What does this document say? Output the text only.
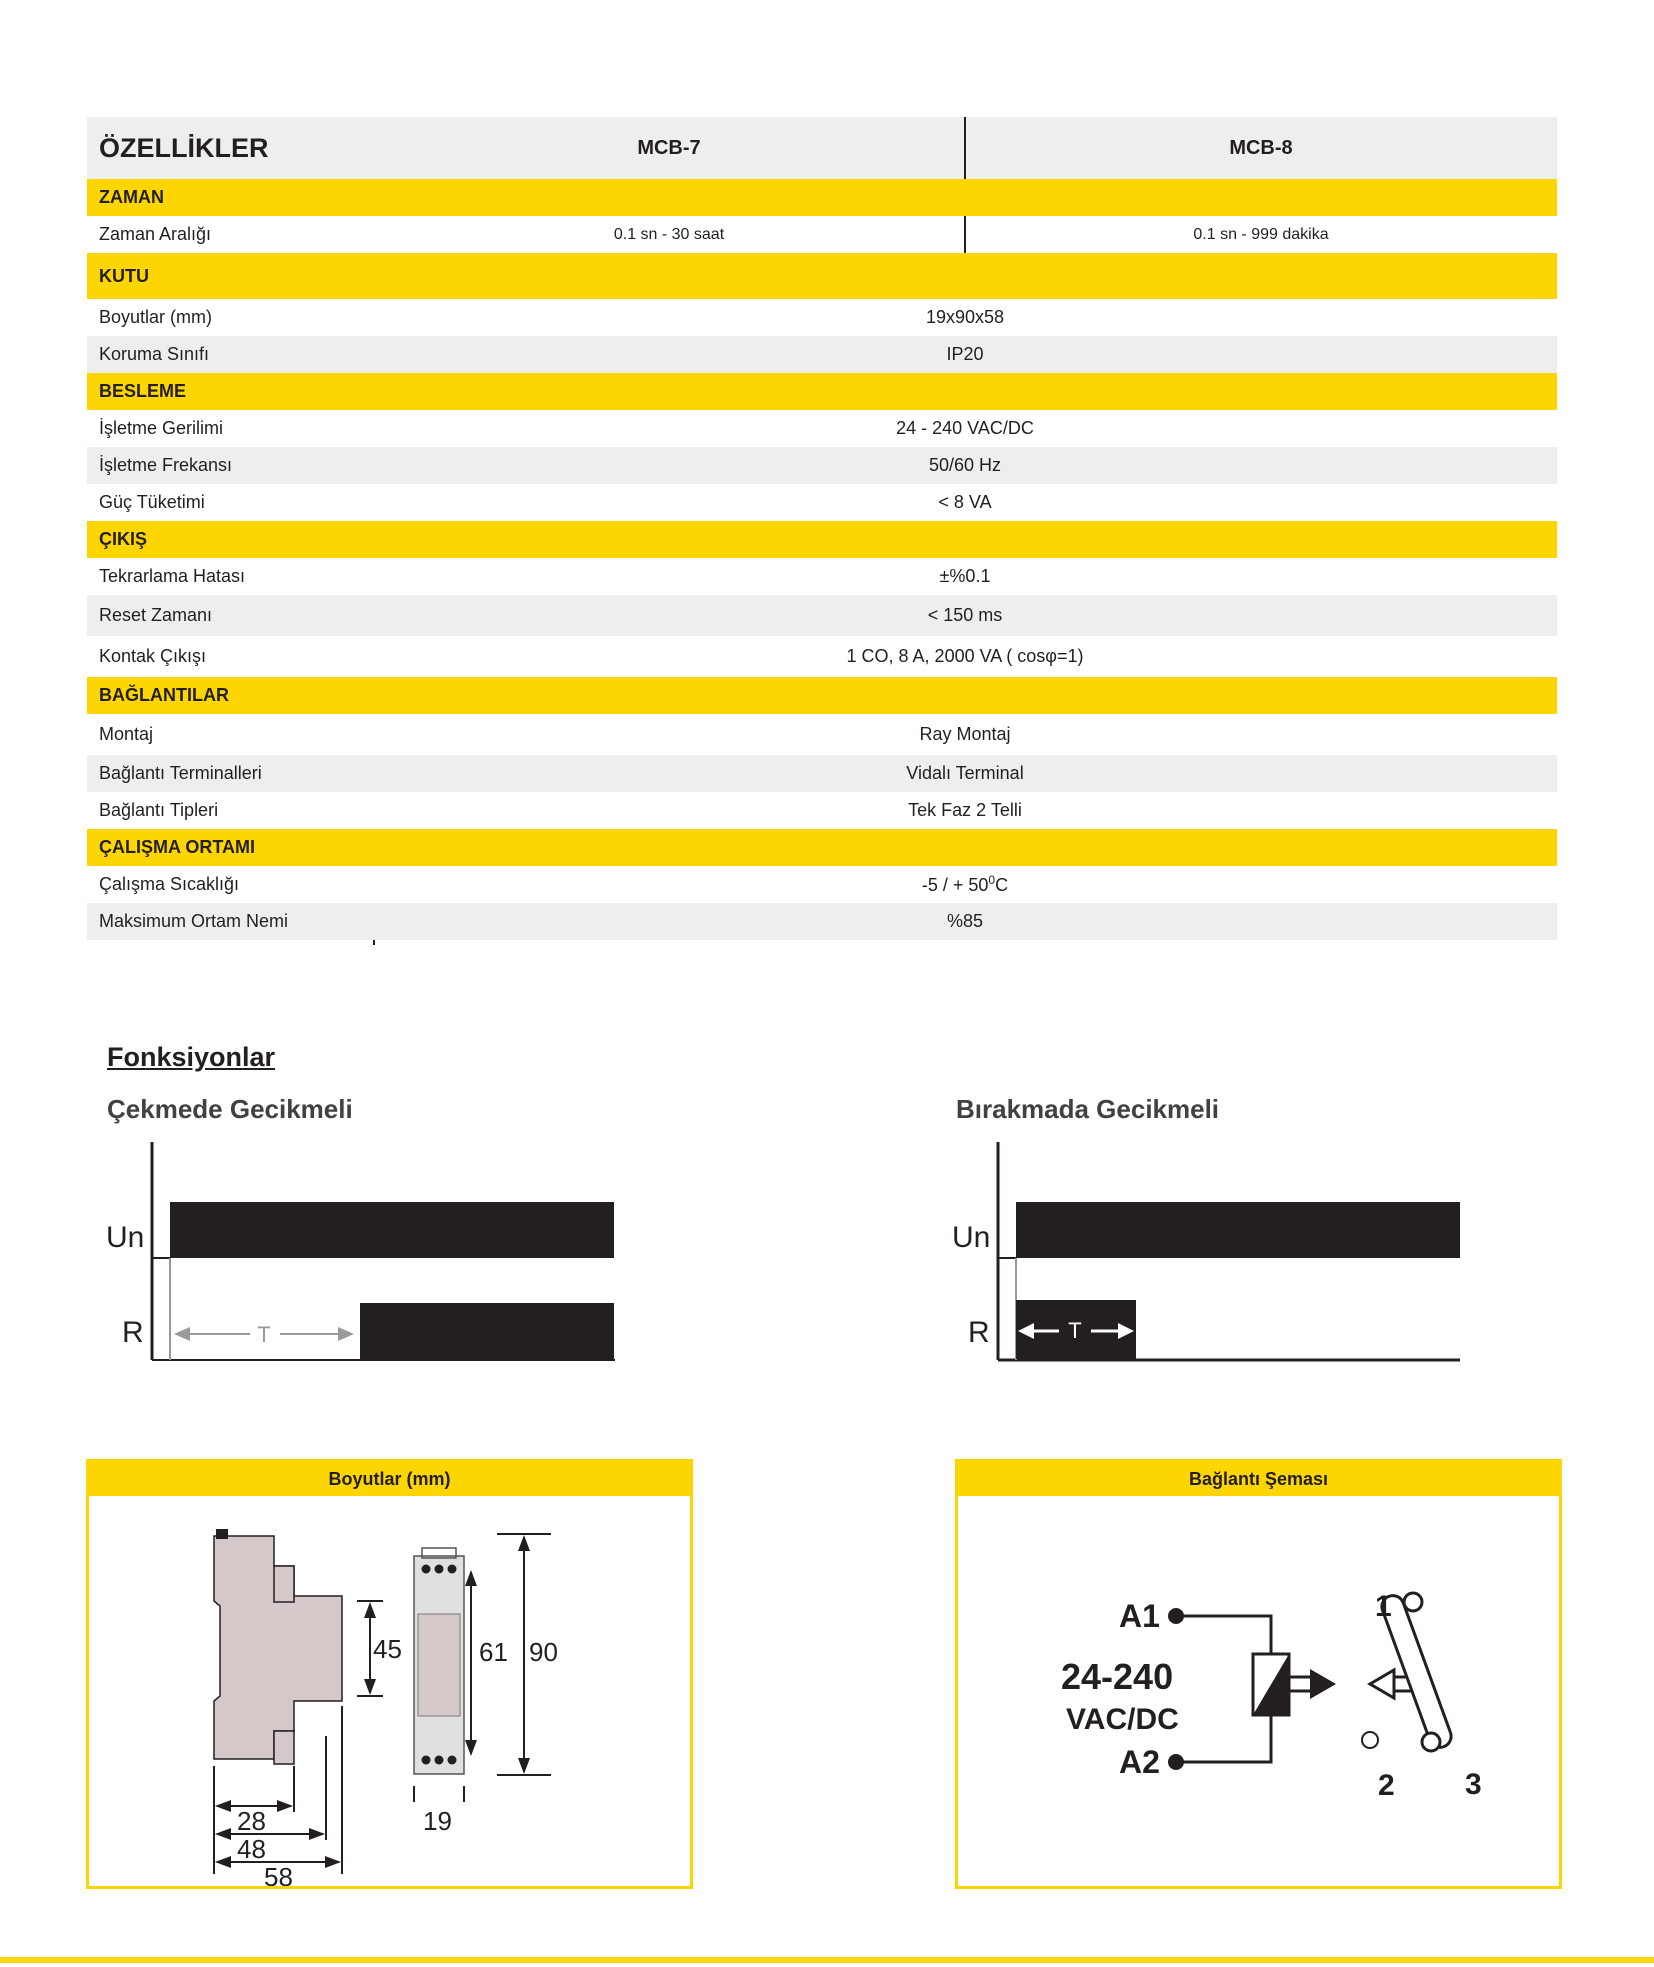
ÖZELLİKLER	MCB-7	MCB-8
ZAMAN
Zaman Aralığı	0.1 sn - 30 saat	0.1 sn - 999 dakika
KUTU
Boyutlar (mm)	19x90x58
Koruma Sınıfı	IP20
BESLEME
İşletme Gerilimi	24 - 240 VAC/DC
İşletme Frekansı	50/60 Hz
Güç Tüketimi	< 8 VA
ÇIKIŞ
Tekrarlama Hatası	±%0.1
Reset Zamanı	< 150 ms
Kontak Çıkışı	1 CO, 8 A, 2000 VA ( cosφ=1)
BAĞLANTILAR
Montaj	Ray Montaj
Bağlantı Terminalleri	Vidalı Terminal
Bağlantı Tipleri	Tek Faz 2 Telli
ÇALIŞMA ORTAMI
Çalışma Sıcaklığı	-5 / + $50^0C$
Maksimum Ortam Nemi	%85
Fonksiyonlar
Çekmede Gecikmeli	Bırakmada Gecikmeli
T
Un
R	T
Un
R
Boyutlar (mm)
45	61 90
19
28
48
58
Bağlantı Şeması
A1
A2
24-240
VAC/DC
1
2 3
